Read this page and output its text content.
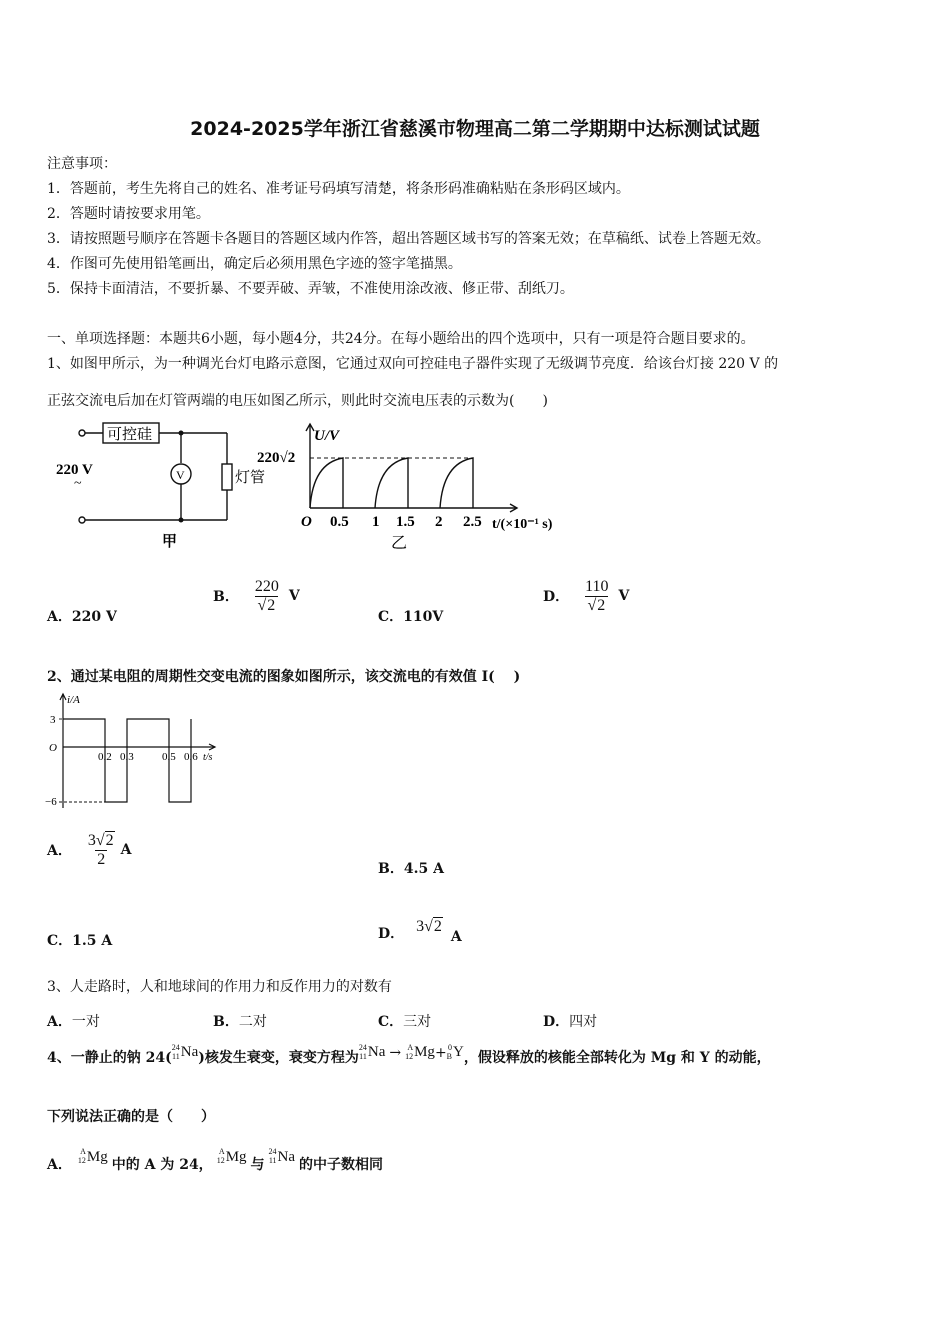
2024-2025学年浙江省慈溪市物理高二第二学期期中达标测试试题
注意事项：
1．答题前，考生先将自己的姓名、准考证号码填写清楚，将条形码准确粘贴在条形码区域内。
2．答题时请按要求用笔。
3．请按照题号顺序在答题卡各题目的答题区域内作答，超出答题区域书写的答案无效；在草稿纸、试卷上答题无效。
4．作图可先使用铅笔画出，确定后必须用黑色字迹的签字笔描黑。
5．保持卡面清洁，不要折暴、不要弄破、弄皱，不准使用涂改液、修正带、刮纸刀。
一、单项选择题：本题共6小题，每小题4分，共24分。在每小题给出的四个选项中，只有一项是符合题目要求的。
1、如图甲所示，为一种调光台灯电路示意图，它通过双向可控硅电子器件实现了无级调节亮度．给该台灯接 220 V 的
正弦交流电后加在灯管两端的电压如图乙所示，则此时交流电压表的示数为(　　)
可控硅
220 V
~
V	灯管
甲
U/V
220√2
O 0.5 1 1.5 2 2.5 t/(×10⁻¹ s)
乙
A．220 V
B． $\frac{220}{√2}$ V
C．110V
D． $\frac{110}{√2}$ V
2、通过某电阻的周期性交变电流的图象如图所示，该交流电的有效值 I(　 )
i/A
3
−6
O
0.2 0.3	0.5 0.6 t/s
A． $\frac{3√2}{2}$ A
B．4.5 A
C．1.5 A	D． 3√2
A
3、人走路时，人和地球间的作用力和反作用力的对数有
A．一对	B．二对	C．三对	D．四对
4、一静止的钠 24(
24
11 Na )核发生衰变，衰变方程为
24
11 Na → A
12 Mg + 0
B Y ，假设释放的核能全部转化为 Mg 和 Y 的动能，
下列说法正确的是（　　）
A．
A
12 Mg
中的 A 为 24，
A
12 Mg
与
24
11 Na
的中子数相同
